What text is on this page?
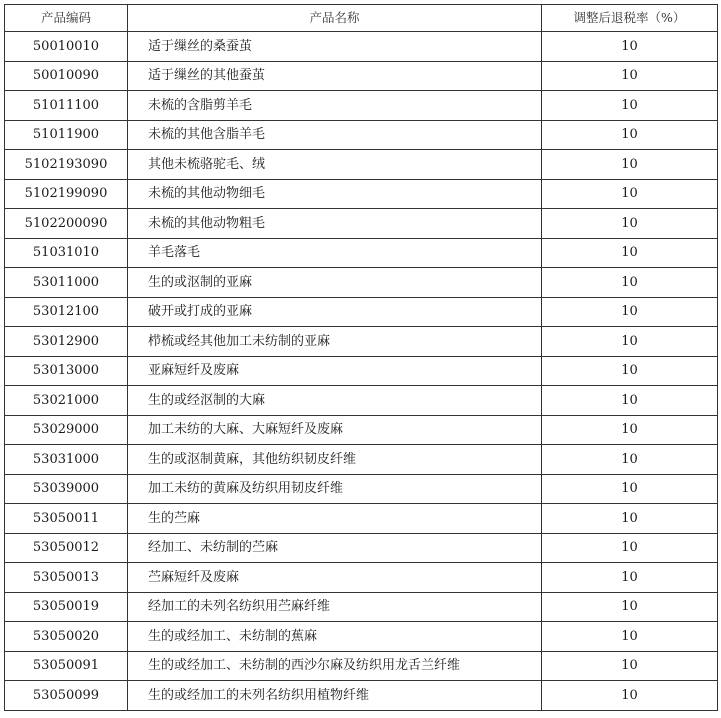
产品编码	产品名称	调整后退税率（%）
50010010	适于缫丝的桑蚕茧	10
50010090	适于缫丝的其他蚕茧	10
51011100	未梳的含脂剪羊毛	10
51011900	未梳的其他含脂羊毛	10
5102193090	其他未梳骆驼毛、绒	10
5102199090	未梳的其他动物细毛	10
5102200090	未梳的其他动物粗毛	10
51031010	羊毛落毛	10
53011000	生的或沤制的亚麻	10
53012100	破开或打成的亚麻	10
53012900	栉梳或经其他加工未纺制的亚麻	10
53013000	亚麻短纤及废麻	10
53021000	生的或经沤制的大麻	10
53029000	加工未纺的大麻、大麻短纤及废麻	10
53031000	生的或沤制黄麻，其他纺织韧皮纤维	10
53039000	加工未纺的黄麻及纺织用韧皮纤维	10
53050011	生的苎麻	10
53050012	经加工、未纺制的苎麻	10
53050013	苎麻短纤及废麻	10
53050019	经加工的未列名纺织用苎麻纤维	10
53050020	生的或经加工、未纺制的蕉麻	10
53050091	生的或经加工、未纺制的西沙尔麻及纺织用龙舌兰纤维	10
53050099	生的或经加工的未列名纺织用植物纤维	10
